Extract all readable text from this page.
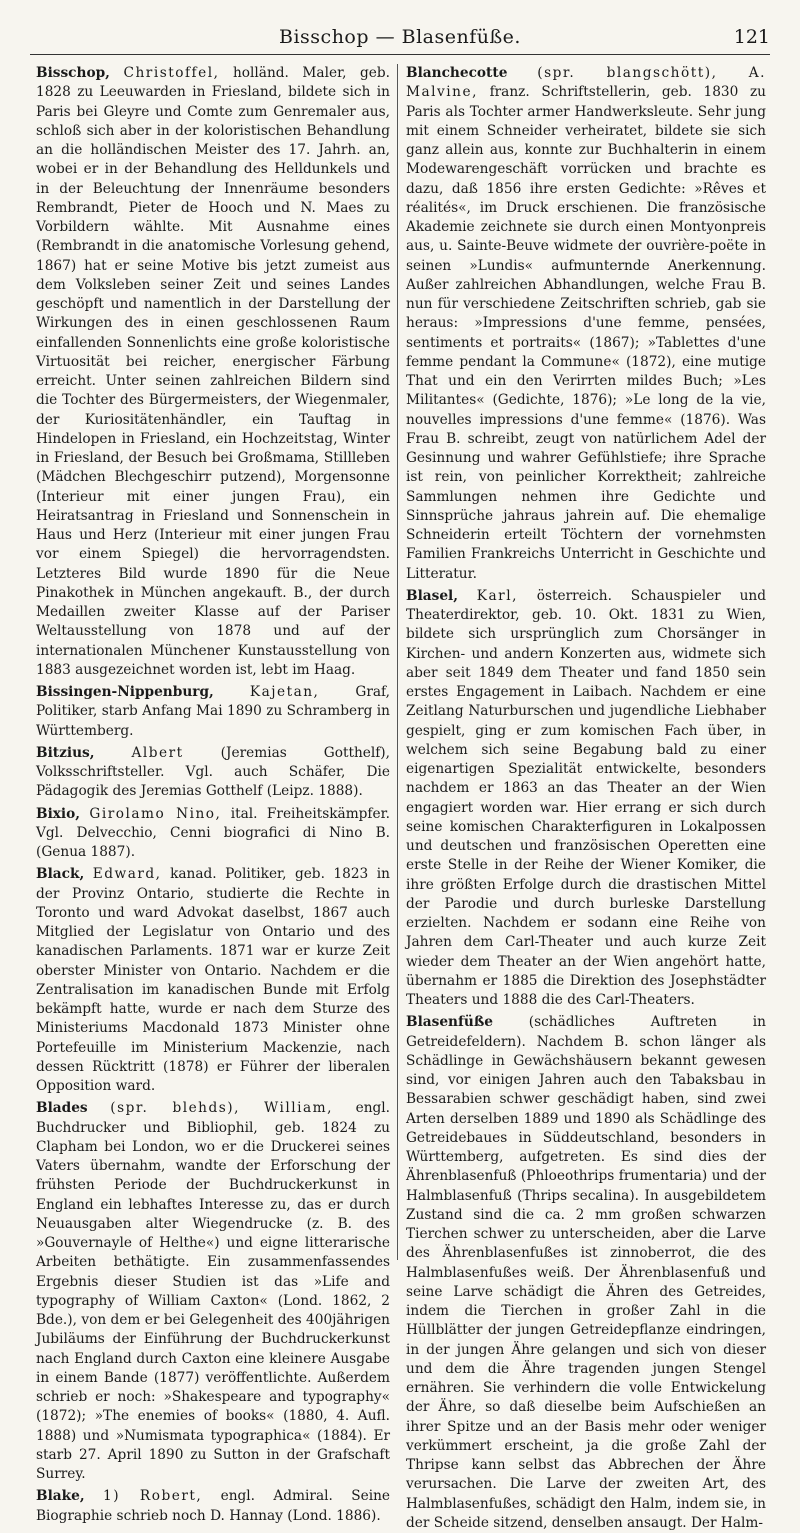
Bisschop — Blasenfüße.	121

Bisschop, Christoffel, holländ. Maler, geb. 1828 zu Leeuwarden in Friesland, bildete sich in Paris bei Gleyre und Comte zum Genremaler aus, schloß sich aber in der koloristischen Behandlung an die holländischen Meister des 17. Jahrh. an, wobei er in der Behandlung des Helldunkels und in der Beleuchtung der Innenräume besonders Rembrandt, Pieter de Hooch und N. Maes zu Vorbildern wählte. Mit Ausnahme eines (Rembrandt in die anatomische Vorlesung gehend, 1867) hat er seine Motive bis jetzt zumeist aus dem Volksleben seiner Zeit und seines Landes geschöpft und namentlich in der Darstellung der Wirkungen des in einen geschlossenen Raum einfallenden Sonnenlichts eine große koloristische Virtuosität bei reicher, energischer Färbung erreicht. Unter seinen zahlreichen Bildern sind die Tochter des Bürgermeisters, der Wiegenmaler, der Kuriositätenhändler, ein Tauftag in Hindelopen in Friesland, ein Hochzeitstag, Winter in Friesland, der Besuch bei Großmama, Stillleben (Mädchen Blechgeschirr putzend), Morgensonne (Interieur mit einer jungen Frau), ein Heiratsantrag in Friesland und Sonnenschein in Haus und Herz (Interieur mit einer jungen Frau vor einem Spiegel) die hervorragendsten. Letzteres Bild wurde 1890 für die Neue Pinakothek in München angekauft. B., der durch Medaillen zweiter Klasse auf der Pariser Weltausstellung von 1878 und auf der internationalen Münchener Kunstausstellung von 1883 ausgezeichnet worden ist, lebt im Haag.

Bissingen-Nippenburg,	Kajetan,	Graf, Politiker, starb Anfang Mai 1890 zu Schramberg in Württemberg.

Bitzius,	Albert	(Jeremias Gotthelf), Volksschriftsteller. Vgl. auch Schäfer, Die Pädagogik des Jeremias Gotthelf (Leipz. 1888).

Bixio, Girolamo Nino, ital. Freiheitskämpfer. Vgl. Delvecchio, Cenni biografici di Nino B. (Genua 1887).

Black, Edward, kanad. Politiker, geb. 1823 in der Provinz Ontario, studierte die Rechte in Toronto und ward Advokat daselbst, 1867 auch Mitglied der Legislatur von Ontario und des kanadischen Parlaments. 1871 war er kurze Zeit oberster Minister von Ontario. Nachdem er die Zentralisation im kanadischen Bunde mit Erfolg bekämpft hatte, wurde er nach dem Sturze des Ministeriums Macdonald 1873 Minister ohne Portefeuille im Ministerium Mackenzie, nach dessen Rücktritt (1878) er Führer der liberalen Opposition ward.

Blades (spr. blehds), William, engl. Buchdrucker und Bibliophil, geb. 1824 zu Clapham bei London, wo er die Druckerei seines Vaters übernahm, wandte der Erforschung der frühsten Periode der Buchdruckerkunst in England ein lebhaftes Interesse zu, das er durch Neuausgaben alter Wiegendrucke (z. B. des »Gouvernayle of Helthe«) und eigne litterarische Arbeiten bethätigte. Ein zusammenfassendes Ergebnis dieser Studien ist das »Life and typography of William Caxton« (Lond. 1862, 2 Bde.), von dem er bei Gelegenheit des 400jährigen Jubiläums der Einführung der Buchdruckerkunst nach England durch Caxton eine kleinere Ausgabe in einem Bande (1877) veröffentlichte. Außerdem schrieb er noch: »Shakespeare and typography« (1872); »The enemies of books« (1880, 4. Aufl. 1888) und »Numismata typographica« (1884). Er starb 27. April 1890 zu Sutton in der Grafschaft Surrey.

Blake, 1) Robert, engl. Admiral. Seine Biographie schrieb noch D. Hannay (Lond. 1886).

Blanchecotte (spr. blangschött), A. Malvine, franz. Schriftstellerin, geb. 1830 zu Paris als Tochter armer Handwerksleute. Sehr jung mit einem Schneider verheiratet, bildete sie sich ganz allein aus, konnte zur Buchhalterin in einem Modewarengeschäft vorrücken und brachte es dazu, daß 1856 ihre ersten Gedichte: »Rêves et réalités«, im Druck erschienen. Die französische Akademie zeichnete sie durch einen Montyonpreis aus, u. Sainte-Beuve widmete der ouvrière-poëte in seinen »Lundis« aufmunternde Anerkennung. Außer zahlreichen Abhandlungen, welche Frau B. nun für verschiedene Zeitschriften schrieb, gab sie heraus: »Impressions d'une femme, pensées, sentiments et portraits« (1867); »Tablettes d'une femme pendant la Commune« (1872), eine mutige That und ein den Verirrten mildes Buch; »Les Militantes« (Gedichte, 1876); »Le long de la vie, nouvelles impressions d'une femme« (1876). Was Frau B. schreibt, zeugt von natürlichem Adel der Gesinnung und wahrer Gefühlstiefe; ihre Sprache ist rein, von peinlicher Korrektheit; zahlreiche Sammlungen nehmen ihre Gedichte und Sinnsprüche jahraus jahrein auf. Die ehemalige Schneiderin erteilt Töchtern der vornehmsten Familien Frankreichs Unterricht in Geschichte und Litteratur.

Blasel, Karl, österreich. Schauspieler und Theaterdirektor, geb. 10. Okt. 1831 zu Wien, bildete sich ursprünglich zum Chorsänger in Kirchen- und andern Konzerten aus, widmete sich aber seit 1849 dem Theater und fand 1850 sein erstes Engagement in Laibach. Nachdem er eine Zeitlang Naturburschen und jugendliche Liebhaber gespielt, ging er zum komischen Fach über, in welchem sich seine Begabung bald zu einer eigenartigen Spezialität entwickelte, besonders nachdem er 1863 an das Theater an der Wien engagiert worden war. Hier errang er sich durch seine komischen Charakterfiguren in Lokalpossen und deutschen und französischen Operetten eine erste Stelle in der Reihe der Wiener Komiker, die ihre größten Erfolge durch die drastischen Mittel der Parodie und durch burleske Darstellung erzielten. Nachdem er sodann eine Reihe von Jahren dem Carl-Theater und auch kurze Zeit wieder dem Theater an der Wien angehört hatte, übernahm er 1885 die Direktion des Josephstädter Theaters und 1888 die des Carl-Theaters.

Blasenfüße	(schädliches Auftreten in Getreidefeldern). Nachdem B. schon länger als Schädlinge in Gewächshäusern bekannt gewesen sind, vor einigen Jahren auch den Tabaksbau in Bessarabien schwer geschädigt haben, sind zwei Arten derselben 1889 und 1890 als Schädlinge des Getreidebaues in Süddeutschland, besonders in Württemberg, aufgetreten. Es sind dies der Ährenblasenfuß (Phloeothrips frumentaria) und der Halmblasenfuß (Thrips secalina). In ausgebildetem Zustand sind die ca. 2 mm großen schwarzen Tierchen schwer zu unterscheiden, aber die Larve des Ährenblasenfußes ist zinnoberrot, die des Halmblasenfußes weiß. Der Ährenblasenfuß und seine Larve schädigt die Ähren des Getreides, indem die Tierchen in großer Zahl in die Hüllblätter der jungen Getreidepflanze eindringen, in der jungen Ähre gelangen und sich von dieser und dem die Ähre tragenden jungen Stengel ernähren. Sie verhindern die volle Entwickelung der Ähre, so daß dieselbe beim Aufschießen an ihrer Spitze und an der Basis mehr oder weniger verkümmert erscheint, ja die große Zahl der Thripse kann selbst das Abbrechen der Ähre verursachen. Die Larve der zweiten Art, des Halmblasenfußes, schädigt den Halm, indem sie, in der Scheide sitzend, denselben ansaugt. Der Halm-
